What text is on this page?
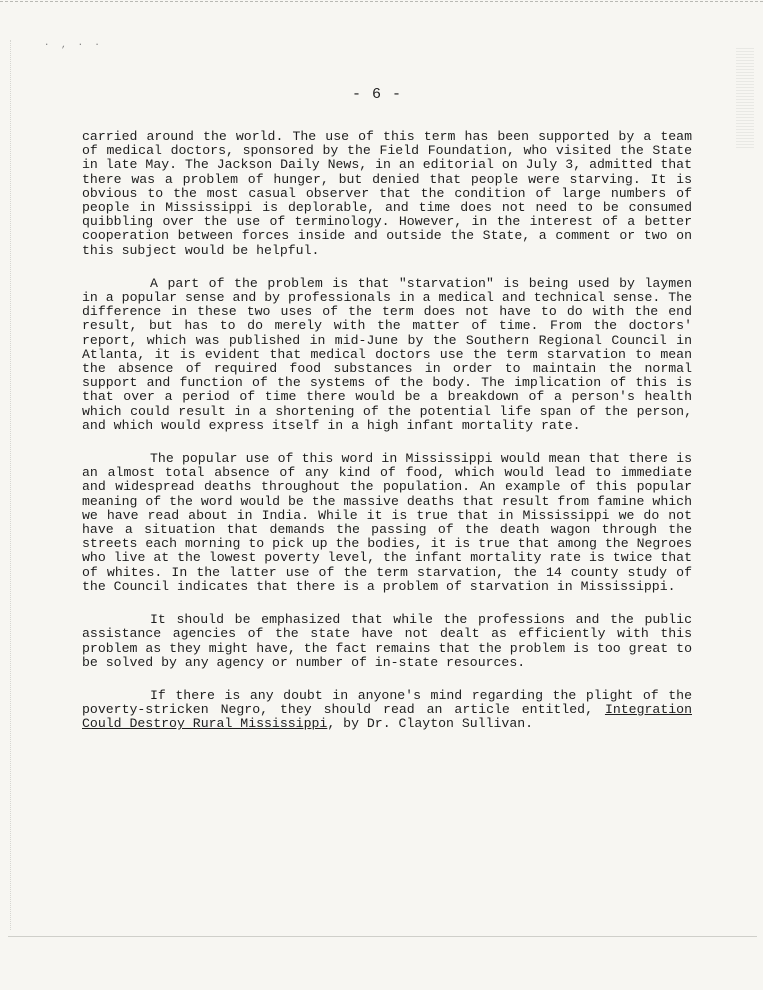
· ‚ · ·
- 6 -

carried around the world. The use of this term has been supported by a team of medical doctors, sponsored by the Field Foundation, who visited the State in late May. The Jackson Daily News, in an editorial on July 3, admitted that there was a problem of hunger, but denied that people were starving. It is obvious to the most casual observer that the condition of large numbers of people in Mississippi is deplorable, and time does not need to be consumed quibbling over the use of terminology. However, in the interest of a better cooperation between forces inside and outside the State, a comment or two on this subject would be helpful.

A part of the problem is that "starvation" is being used by laymen in a popular sense and by professionals in a medical and technical sense. The difference in these two uses of the term does not have to do with the end result, but has to do merely with the matter of time. From the doctors' report, which was published in mid-June by the Southern Regional Council in Atlanta, it is evident that medical doctors use the term starvation to mean the absence of required food substances in order to maintain the normal support and function of the systems of the body. The implication of this is that over a period of time there would be a breakdown of a person's health which could result in a shortening of the potential life span of the person, and which would express itself in a high infant mortality rate.

The popular use of this word in Mississippi would mean that there is an almost total absence of any kind of food, which would lead to immediate and widespread deaths throughout the population. An example of this popular meaning of the word would be the massive deaths that result from famine which we have read about in India. While it is true that in Mississippi we do not have a situation that demands the passing of the death wagon through the streets each morning to pick up the bodies, it is true that among the Negroes who live at the lowest poverty level, the infant mortality rate is twice that of whites. In the latter use of the term starvation, the 14 county study of the Council indicates that there is a problem of starvation in Mississippi.

It should be emphasized that while the professions and the public assistance agencies of the state have not dealt as efficiently with this problem as they might have, the fact remains that the problem is too great to be solved by any agency or number of in-state resources.

If there is any doubt in anyone's mind regarding the plight of the poverty-stricken Negro, they should read an article entitled, Integration Could Destroy Rural Mississippi, by Dr. Clayton Sullivan.
